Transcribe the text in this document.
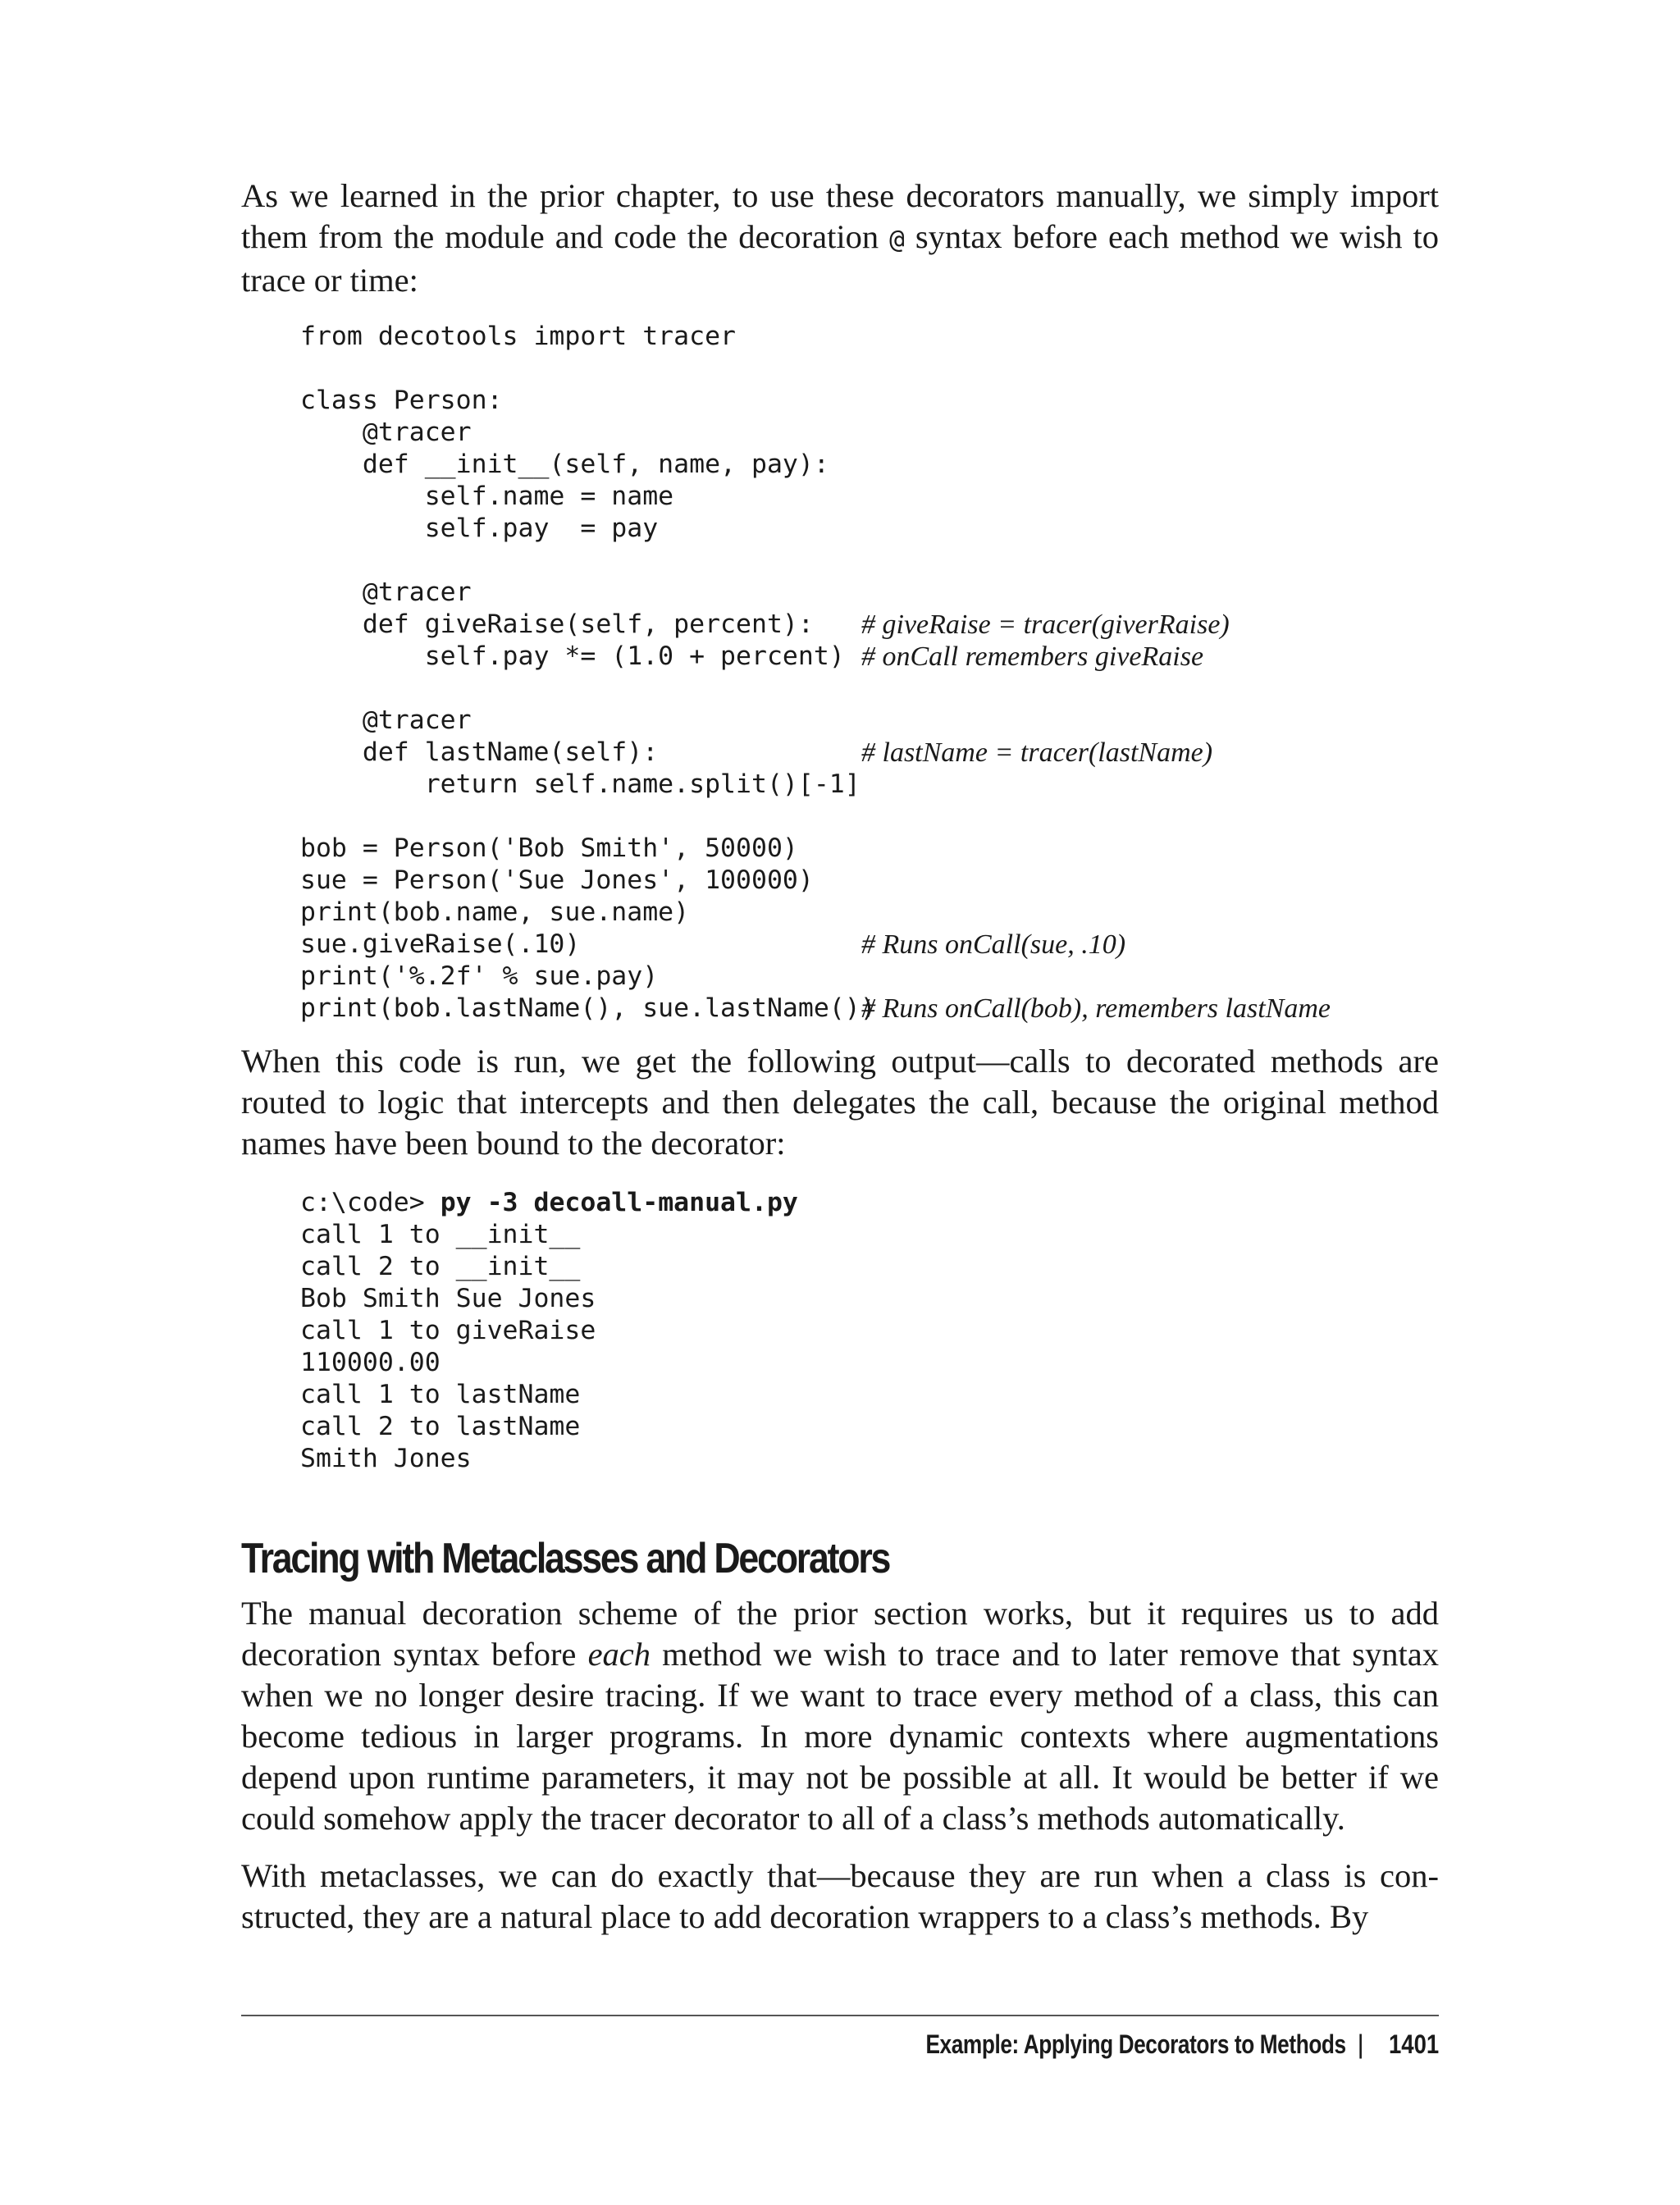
As we learned in the prior chapter, to use these decorators manually, we simply import them from the module and code the decoration @ syntax before each method we wish to trace or time:

from decotools import tracer
class Person:
@tracer
def __init__(self, name, pay):
self.name = name
self.pay  = pay
@tracer
def giveRaise(self, percent): # giveRaise = tracer(giverRaise)
self.pay *= (1.0 + percent) # onCall remembers giveRaise
@tracer
def lastName(self):	# lastName = tracer(lastName)
return self.name.split()[-1]
bob = Person('Bob Smith', 50000)
sue = Person('Sue Jones', 100000)
print(bob.name, sue.name)
sue.giveRaise(.10)	# Runs onCall(sue, .10)
print('%.2f' % sue.pay)
print(bob.lastName(), sue.lastName())
# Runs onCall(bob), remembers lastName

When this code is run, we get the following output—calls to decorated methods are routed to logic that intercepts and then delegates the call, because the original method names have been bound to the decorator:

c:\code> py -3 decoall-manual.py
call 1 to __init__
call 2 to __init__
Bob Smith Sue Jones
call 1 to giveRaise
110000.00
call 1 to lastName
call 2 to lastName
Smith Jones
Tracing with Metaclasses and Decorators

The manual decoration scheme of the prior section works, but it requires us to add decoration syntax before each method we wish to trace and to later remove that syntax when we no longer desire tracing. If we want to trace every method of a class, this can become tedious in larger programs. In more dynamic contexts where augmentations depend upon runtime parameters, it may not be possible at all. It would be better if we could somehow apply the tracer decorator to all of a class’s methods automatically.

With metaclasses, we can do exactly that—because they are run when a class is constructed, they are a natural place to add decoration wrappers to a class’s methods. By

Example: Applying Decorators to Methods | 1401
